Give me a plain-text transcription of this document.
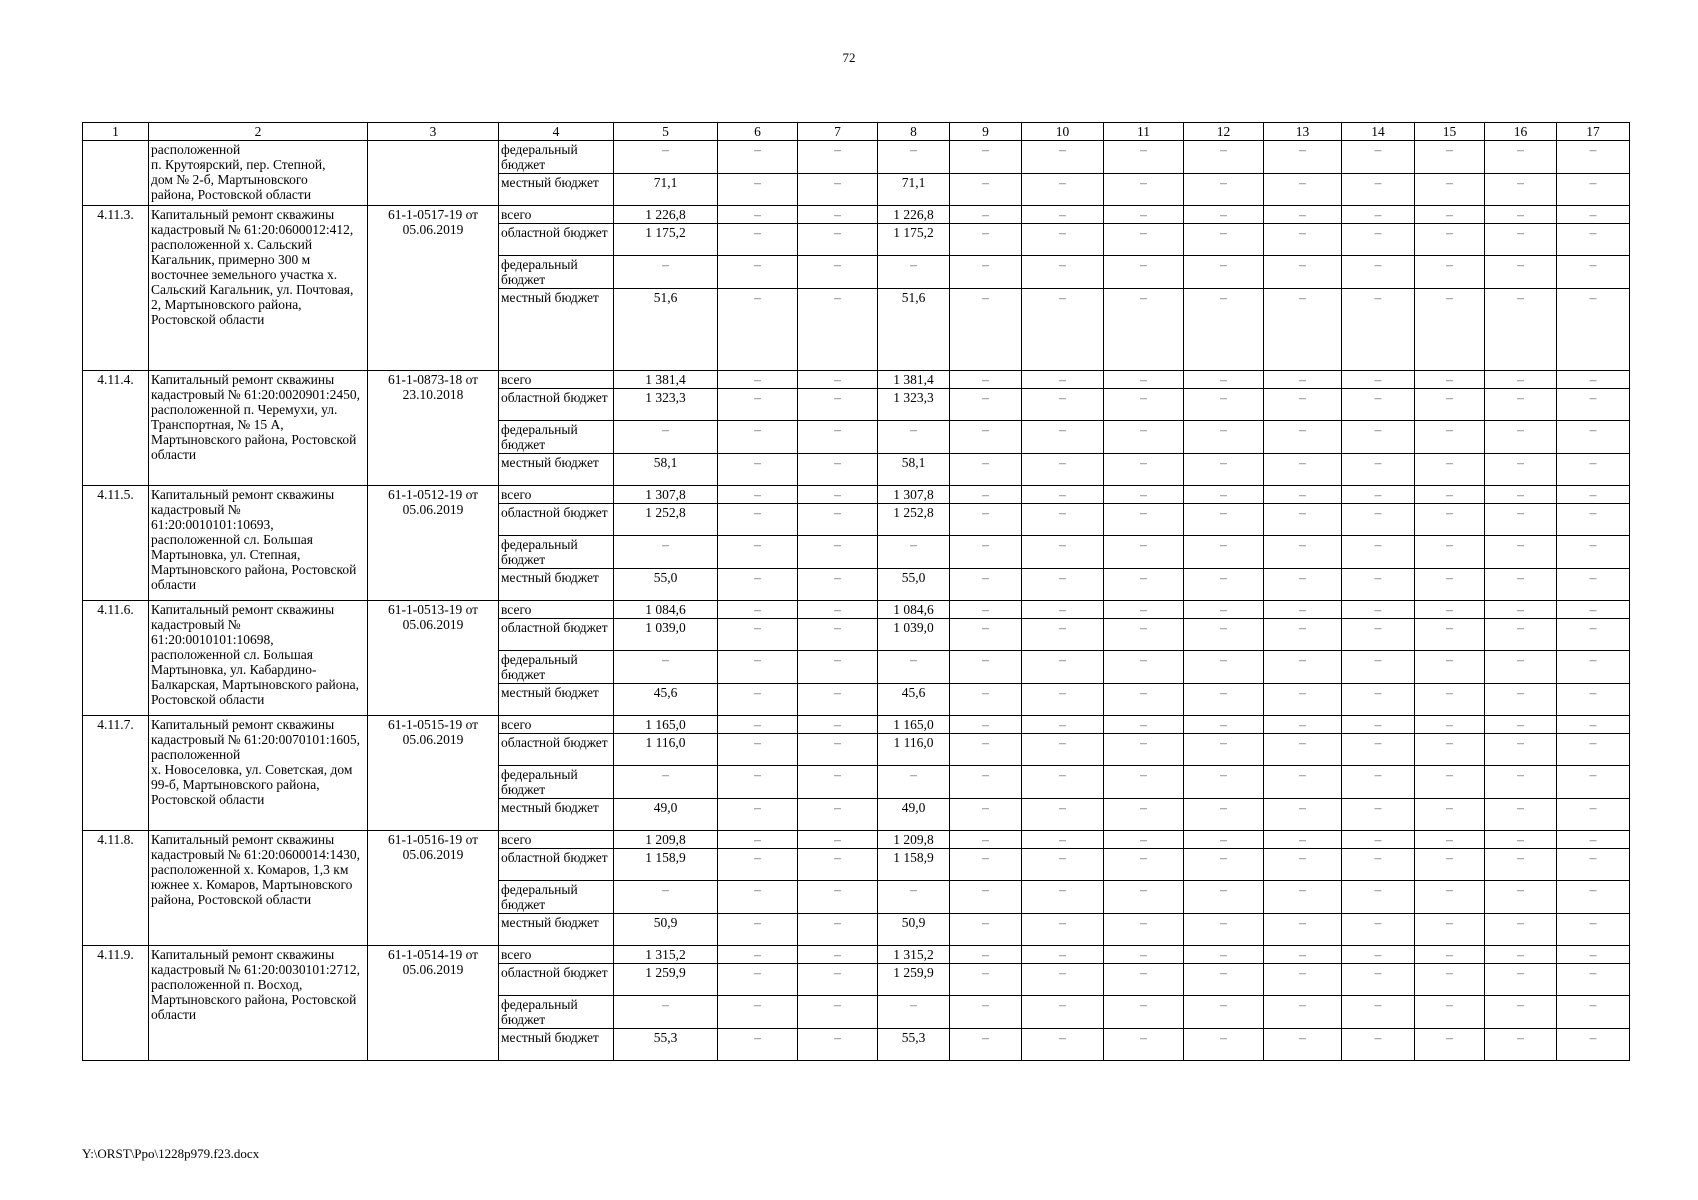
72
1	2	3	4	5	6	7	8	9	10	11	12	13	14	15	16	17
	расположенной
п. Крутоярский, пер. Степной,
дом № 2-б, Мартыновского
района, Ростовской области		федеральный бюджет	–	–	–	–	–	–	–	–	–	–	–	–	–
			местный бюджет	71,1	–	–	71,1	–	–	–	–	–	–	–	–	–
4.11.3.	Капитальный ремонт скважины кадастровый № 61:20:0600012:412, расположенной х. Сальский Кагальник, примерно 300 м восточнее земельного участка х. Сальский Кагальник, ул. Почтовая, 2, Мартыновского района, Ростовской области	61-1-0517-19 от 05.06.2019	всего	1 226,8	–	–	1 226,8	–	–	–	–	–	–	–	–	–
			областной бюджет	1 175,2	–	–	1 175,2	–	–	–	–	–	–	–	–	–
			федеральный бюджет	–	–	–	–	–	–	–	–	–	–	–	–	–
			местный бюджет	51,6	–	–	51,6	–	–	–	–	–	–	–	–	–
4.11.4.	Капитальный ремонт скважины кадастровый № 61:20:0020901:2450, расположенной п. Черемухи, ул. Транспортная, № 15 А, Мартыновского района, Ростовской области	61-1-0873-18 от 23.10.2018	всего	1 381,4	–	–	1 381,4	–	–	–	–	–	–	–	–	–
			областной бюджет	1 323,3	–	–	1 323,3	–	–	–	–	–	–	–	–	–
			федеральный бюджет	–	–	–	–	–	–	–	–	–	–	–	–	–
			местный бюджет	58,1	–	–	58,1	–	–	–	–	–	–	–	–	–
4.11.5.	Капитальный ремонт скважины кадастровый № 61:20:0010101:10693, расположенной сл. Большая Мартыновка, ул. Степная, Мартыновского района, Ростовской области	61-1-0512-19 от 05.06.2019	всего	1 307,8	–	–	1 307,8	–	–	–	–	–	–	–	–	–
			областной бюджет	1 252,8	–	–	1 252,8	–	–	–	–	–	–	–	–	–
			федеральный бюджет	–	–	–	–	–	–	–	–	–	–	–	–	–
			местный бюджет	55,0	–	–	55,0	–	–	–	–	–	–	–	–	–
4.11.6.	Капитальный ремонт скважины кадастровый № 61:20:0010101:10698, расположенной сл. Большая Мартыновка, ул. Кабардино-Балкарская, Мартыновского района, Ростовской области	61-1-0513-19 от 05.06.2019	всего	1 084,6	–	–	1 084,6	–	–	–	–	–	–	–	–	–
			областной бюджет	1 039,0	–	–	1 039,0	–	–	–	–	–	–	–	–	–
			федеральный бюджет	–	–	–	–	–	–	–	–	–	–	–	–	–
			местный бюджет	45,6	–	–	45,6	–	–	–	–	–	–	–	–	–
4.11.7.	Капитальный ремонт скважины кадастровый № 61:20:0070101:1605, расположенной
х. Новоселовка, ул. Советская, дом 99-б, Мартыновского района, Ростовской области	61-1-0515-19 от 05.06.2019	всего	1 165,0	–	–	1 165,0	–	–	–	–	–	–	–	–	–
			областной бюджет	1 116,0	–	–	1 116,0	–	–	–	–	–	–	–	–	–
			федеральный бюджет	–	–	–	–	–	–	–	–	–	–	–	–	–
			местный бюджет	49,0	–	–	49,0	–	–	–	–	–	–	–	–	–
4.11.8.	Капитальный ремонт скважины кадастровый № 61:20:0600014:1430, расположенной х. Комаров, 1,3 км южнее х. Комаров, Мартыновского района, Ростовской области	61-1-0516-19 от 05.06.2019	всего	1 209,8	–	–	1 209,8	–	–	–	–	–	–	–	–	–
			областной бюджет	1 158,9	–	–	1 158,9	–	–	–	–	–	–	–	–	–
			федеральный бюджет	–	–	–	–	–	–	–	–	–	–	–	–	–
			местный бюджет	50,9	–	–	50,9	–	–	–	–	–	–	–	–	–
4.11.9.	Капитальный ремонт скважины кадастровый № 61:20:0030101:2712, расположенной п. Восход, Мартыновского района, Ростовской области	61-1-0514-19 от 05.06.2019	всего	1 315,2	–	–	1 315,2	–	–	–	–	–	–	–	–	–
			областной бюджет	1 259,9	–	–	1 259,9	–	–	–	–	–	–	–	–	–
			федеральный бюджет	–	–	–	–	–	–	–	–	–	–	–	–	–
			местный бюджет	55,3	–	–	55,3	–	–	–	–	–	–	–	–	–
Y:\ORST\Ppo\1228p979.f23.docx
